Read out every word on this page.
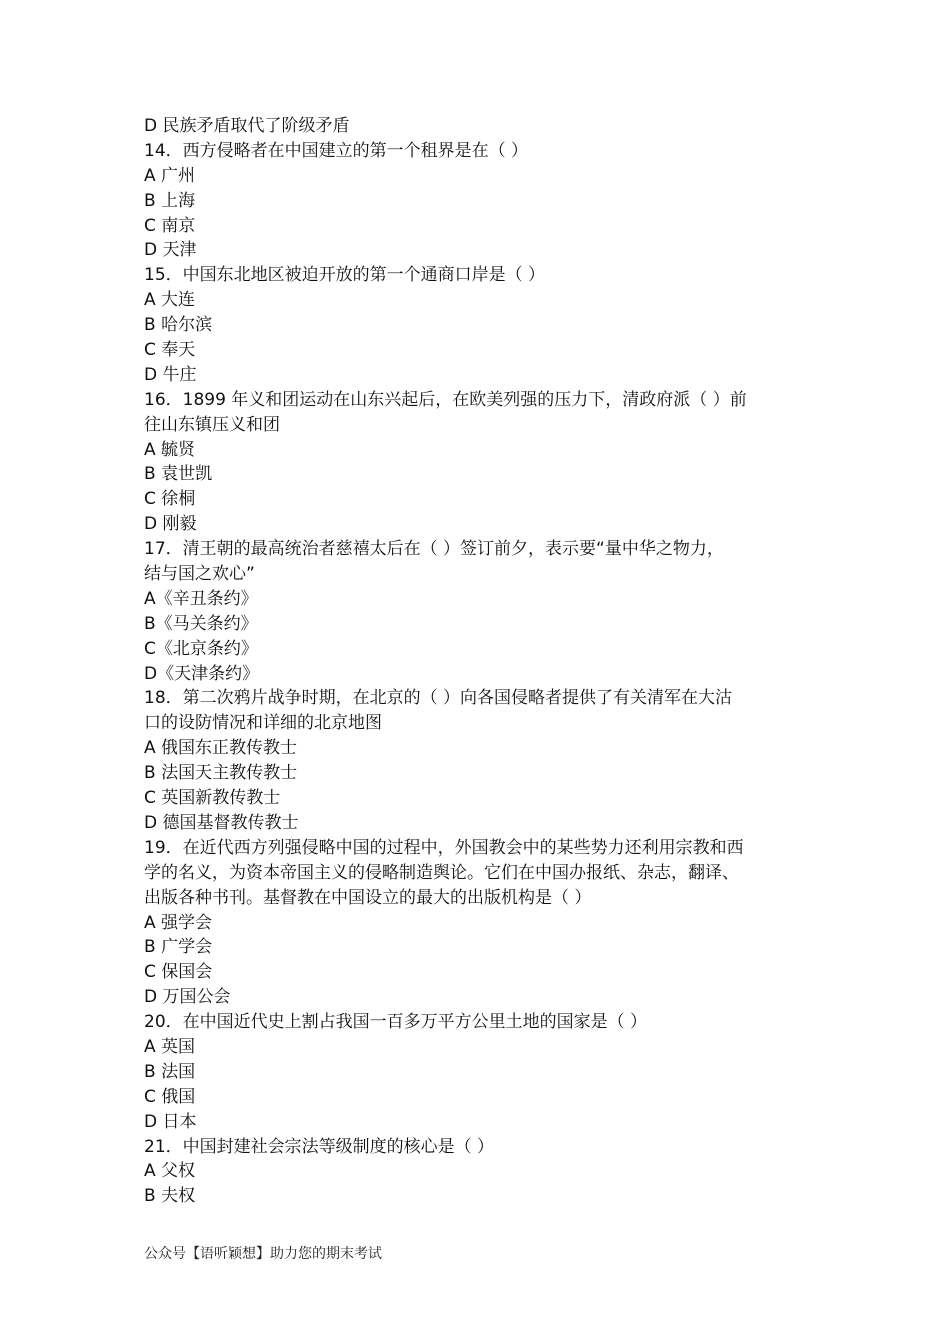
D 民族矛盾取代了阶级矛盾
14．西方侵略者在中国建立的第一个租界是在（ ）
A 广州
B 上海
C 南京
D 天津
15．中国东北地区被迫开放的第一个通商口岸是（ ）
A 大连
B 哈尔滨
C 奉天
D 牛庄
16．1899 年义和团运动在山东兴起后，在欧美列强的压力下，清政府派（ ）前
往山东镇压义和团
A 毓贤
B 袁世凯
C 徐桐
D 刚毅
17．清王朝的最高统治者慈禧太后在（ ）签订前夕，表示要“量中华之物力，
结与国之欢心”
A《辛丑条约》
B《马关条约》
C《北京条约》
D《天津条约》
18．第二次鸦片战争时期，在北京的（ ）向各国侵略者提供了有关清军在大沽
口的设防情况和详细的北京地图
A 俄国东正教传教士
B 法国天主教传教士
C 英国新教传教士
D 德国基督教传教士
19．在近代西方列强侵略中国的过程中，外国教会中的某些势力还利用宗教和西
学的名义，为资本帝国主义的侵略制造舆论。它们在中国办报纸、杂志，翻译、
出版各种书刊。基督教在中国设立的最大的出版机构是（ ）
A 强学会
B 广学会
C 保国会
D 万国公会
20．在中国近代史上割占我国一百多万平方公里土地的国家是（ ）
A 英国
B 法国
C 俄国
D 日本
21．中国封建社会宗法等级制度的核心是（ ）
A 父权
B 夫权
公众号【语听颖想】助力您的期末考试
